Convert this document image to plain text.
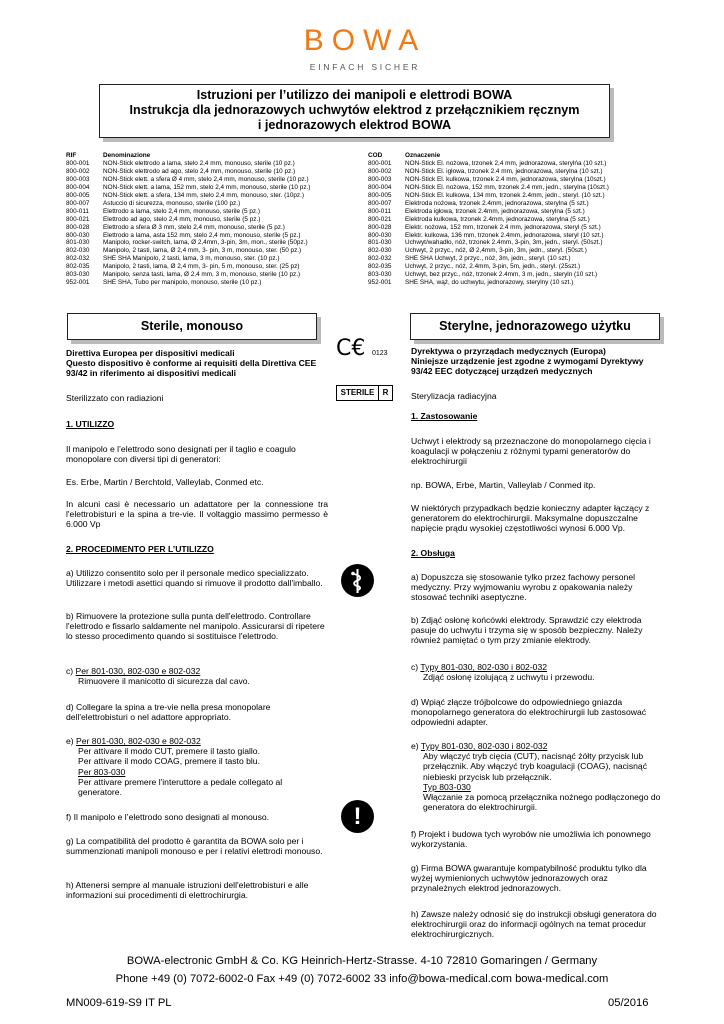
BOWA
EINFACH SICHER
Istruzioni per l’utilizzo dei manipoli e elettrodi BOWA
Instrukcja dla jednorazowych uchwytów elektrod z przełącznikiem ręcznym
i jednorazowych elektrod BOWA
RIF	Denominazione
800-001	NON-Stick elettrodo a lama, stelo 2,4 mm, monouso, sterile (10 pz.)
800-002	NON-Stick elettrodo ad ago, stelo 2,4 mm, monouso, sterile (10 pz.)
800-003	NON-Stick elett. a sfera Ø 4 mm, stelo 2,4 mm, monouso, sterile (10 pz.)
800-004	NON-Stick elett. a lama, 152 mm, stelo 2,4 mm, monouso, sterile (10 pz.)
800-005	NON-Stick elett. a sfera, 134 mm, stelo 2,4 mm, monouso, ster. (10pz.)
800-007	Astuccio di sicurezza, monouso, sterile (100 pz.)
800-011	Elettrodo a lama, stelo 2,4 mm, monouso, sterile (5 pz.)
800-021	Elettrodo ad ago, stelo 2,4 mm, monouso, sterile (5 pz.)
800-028	Elettrodo a sfera Ø 3 mm, stelo 2,4 mm, monouso, sterile (5 pz.)
800-030	Elettrodo a lama, asta 152 mm, stelo 2,4 mm, monouso, sterile (5 pz.)
801-030	Manipolo, rocker-switch, lama, Ø 2,4mm, 3-pin, 3m, mon., sterile (50pz.)
802-030	Manipolo, 2 tasti, lama, Ø 2,4 mm, 3- pin, 3 m, monouso, ster. (50 pz.)
802-032	SHE SHA Manipolo, 2 tasti, lama, 3 m, monouso, ster. (10 pz.)
802-035	Manipolo, 2 tasti, lama, Ø 2,4 mm, 3- pin, 5 m, monouso, ster. (25 pz)
803-030	Manipolo, senza tasti, lama, Ø 2,4 mm, 3 m, monouso, sterile (10 pz.)
952-001	SHE SHA, Tubo per manipolo, monouso, sterile (10 pz.)
COD	Oznaczenie
800-001	NON-Stick El. nożowa, trzonek 2,4 mm, jednorazowa, sterylńa (10 szt.)
800-002	NON-Stick El. igłowa, trzonek 2.4 mm, jednorazowa, sterylna (10 szt.)
800-003	NON-Stick El. kulkowa, trzonek 2.4 mm, jednorazowa, sterylna (10szt.)
800-004	NON-Stick El. nożowa, 152 mm, trzonek 2.4 mm, jedn., sterylna (10szt.)
800-005	NON-Stick El. kulkowa, 134 mm, trzonek 2.4mm, jedn., steryl. (10 szt.)
800-007	Elektroda nożowa, trzonek 2.4mm, jednorazowa, sterylna (5 szt.)
800-011	Elektroda igłowa, trzonek 2.4mm, jednorazowa, sterylna (5 szt.)
800-021	Elektroda kulkowa, trzonek 2.4mm, jednorazowa, sterylna (5 szt.)
800-028	Elektr. nożowa, 152 mm, trzonek 2.4 mm, jednorazowa, steryl (5 szt.)
800-030	Elektr. kulkowa, 136 mm, trzonek 2.4mm, jednorazowa, steryl (10 szt.)
801-030	Uchwyt/wahadło, nóż, trzonek 2.4mm, 3-pin, 3m, jedn., steryl. (50szt.)
802-030	Uchwyt, 2 przyc., nóż, Ø 2,4mm, 3-pin, 3m, jedn., steryl. (50szt.)
802-032	SHE SHA Uchwyt, 2 przyc., nóż, 3m, jedn., steryl. (10 szt.)
802-035	Uchwyt, 2 przyc., nóż, 2.4mm, 3-pin, 5m, jedn., steryl. (25szt.)
803-030	Uchwyt, bez przyc., nóż, trzonek 2.4mm, 3 m, jedn., steryln (10 szt.)
952-001	SHE SHA, wąż, do uchwytu, jednorazowy, sterylny (10 szt.)
Sterile, monouso	Sterylne, jednorazowego użytku
C€ 0123
STERILE	R
!
Direttiva Europea per dispositivi medicali
Questo dispositivo è conforme ai requisiti della Direttiva CEE 93/42 in riferimento ai dispositivi medicali
Sterilizzato con radiazioni
1. UTILIZZO
Il manipolo e l’elettrodo sono designati per il taglio e coagulo monopolare con diversi tipi di generatori:
Es. Erbe, Martin / Berchtold, Valleylab, Conmed etc.
In alcuni casi è necessario un adattatore per la connessione tra l'elettrobisturi e la spina a tre-vie. Il voltaggio massimo permesso è 6.000 Vp
2. PROCEDIMENTO PER L’UTILIZZO
a) Utilizzo consentito solo per il personale medico specializzato. Utilizzare i metodi asettici quando si rimuove il prodotto dall'imballo.
b) Rimuovere la protezione sulla punta dell'elettrodo. Controllare l'elettrodo e fissarlo saldamente nel manipolo. Assicurarsi di ripetere lo stesso procedimento quando si sostituisce l'elettrodo.
c) Per 801-030, 802-030 e 802-032
Rimuovere il manicotto di sicurezza dal cavo.
d) Collegare la spina a tre-vie nella presa monopolare dell'elettrobisturi o nel adattore appropriato.
e) Per 801-030, 802-030 e 802-032
Per attivare il modo CUT, premere il tasto giallo.
Per attivare il modo COAG, premere il tasto blu.
Per 803-030
Per attivare premere l'interuttore a pedale collegato al generatore.
f) Il manipolo e l’elettrodo sono designati al monouso.
g) La compatibilità del prodotto è garantita da BOWA solo per i summenzionati manipoli monouso e per i relativi elettrodi monouso.
h) Attenersi sempre al manuale istruzioni dell'elettrobisturi e alle informazioni sui procedimenti di elettrochirurgia.
Dyrektywa o przyrządach medycznych (Europa)
Niniejsze urządzenie jest zgodne z wymogami Dyrektywy 93/42 EEC dotyczącej urządzeń medycznych
Sterylizacja radiacyjna
1. Zastosowanie
Uchwyt i elektrody są przeznaczone do monopolarnego cięcia i koagulacji w połączeniu z różnymi typami generatorów do elektrochirurgii
np. BOWA, Erbe, Martin, Valleylab / Conmed itp.
W niektórych przypadkach będzie konieczny adapter łączący z generatorem do elektrochirurgii. Maksymalne dopuszczalne napięcie prądu wysokiej częstotliwości wynosi 6.000 Vp.
2. Obsługa
a) Dopuszcza się stosowanie tylko przez fachowy personel medyczny. Przy wyjmowaniu wyrobu z opakowania należy stosować techniki aseptyczne.
b) Zdjąć osłonę końcówki elektrody. Sprawdzić czy elektroda pasuje do uchwytu i trzyma się w sposób bezpieczny. Należy również pamiętać o tym przy zmianie elektrody.
c) Typy 801-030, 802-030 i 802-032
Zdjąć osłonę izolującą z uchwytu i przewodu.
d) Wpiąć złącze trójbolcowe do odpowiedniego gniazda monopolarnego generatora do elektrochirurgii lub zastosować odpowiedni adapter.
e) Typy 801-030, 802-030 i 802-032
Aby włączyć tryb cięcia (CUT), nacisnąć żółty przycisk lub przełącznik. Aby włączyć tryb koagulacji (COAG), nacisnąć niebieski przycisk lub przełącznik.
Typ 803-030
Włączanie za pomocą przełącznika nożnego podłączonego do generatora do elektrochirurgii.
f) Projekt i budowa tych wyrobów nie umożliwia ich ponownego wykorzystania.
g) Firma BOWA gwarantuje kompatybilność produktu tylko dla wyżej wymienionych uchwytów jednorazowych oraz przynależnych elektrod jednorazowych.
h) Zawsze należy odnosić się do instrukcji obsługi generatora do elektrochirurgii oraz do informacji ogólnych na temat procedur elektrochirurgicznych.
BOWA-electronic GmbH & Co. KG Heinrich-Hertz-Strasse. 4-10 72810 Gomaringen / Germany
Phone +49 (0) 7072-6002-0 Fax +49 (0) 7072-6002 33 info@bowa-medical.com bowa-medical.com
MN009-619-S9 IT PL	05/2016
